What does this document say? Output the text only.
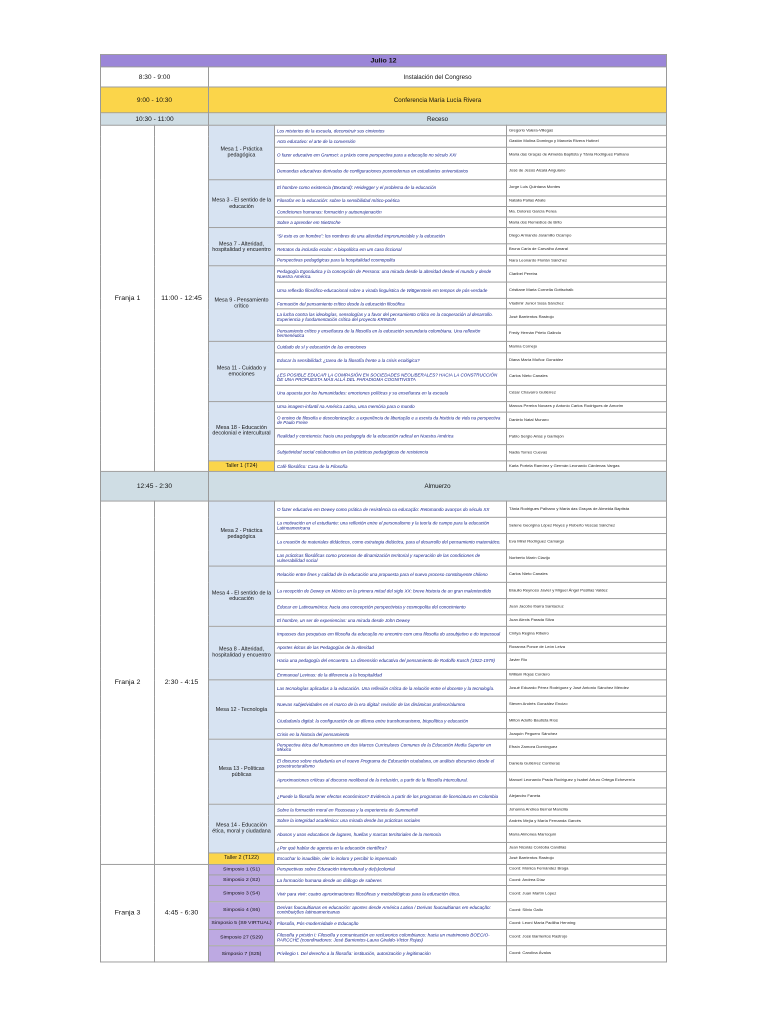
Julio 12				
8:30 - 9:00		Instalación del Congreso		
9:00 - 10:30		Conferencia María Lucía Rivera		
10:30 - 11:00		Receso		
Franja 1	11:00 - 12:45	Mesa 1 - Práctica pedagógica	Los misterios de la escuela, deconstruir sus cimientos	Gregorio Valera-Villegas
			Acto educativo: el arte de la conversión	Gastón Molina Domingo y Marcela Rivera Hutinel
			O fazer educativo em Gramsci: a práxis como perspectiva para a educação no século XXI	Maria das Graças de Almeida Baptista y Tânia Rodrigues Palhano
			Demandas educativas derivadas de configuraciones posmodernas en estudiantes universitarios	José de Jesús Alcalá Anguiano
		Mesa 3 - El sentido de la educación	El hombre como existencia (Bextand): Heidegger y el problema de la educación	Jorge Luis Quintana Montes
			Filosofar en la educación: sobre la sensibilidad mítico-poética	Natalia Pallas Abate
			Condiciones humanas: formación y autoenajenación	Ma. Dolores García Perea
			Sobre a aprender em Nietzsche	Maria dos Remédios de Brito
		Mesa 7 - Alteridad, hospitalidad y encuentro	“Si esto es un hombre”: los nombres de una alteridad impronunciable y la educación	Diego Armando Jaramillo Ocampo
			Retratos da inclusão ecolar: A biopolítica em um caso ficcional	Bruna Carla de Carvalho Amaral
			Perspectivas pedagógicas para la hospitalidad cosmopolita	Nara Leonardo Florián Sánchez
		Mesa 9 - Pensamiento crítico	Pedagogía Egonáutica y la concepción de Persona: una mirada desde la alteridad desde el mundo y desde Nuestra América.	Claribel Pereira
			Uma reflexão filosófico-educacional sobre a virada linguística de Wittgenstein em tempos de pós-verdade	Cristiane Maria Cornelia Gottschalk
			Formación del pensamiento crítico desde la educación filosófica	Vladimir Junior Sosa Sánchez
			La lucha contra las ideologías, sensologías y a favor del pensamiento crítico en la cooperación al desarrollo. Experiencia y fundamentación crítica del proyecto KRINEIN	José Barrientos Rastrojo
			Pensamiento crítico y enseñanza de la filosofía en la educación secundaria colombiana. Una reflexión hermenéutica	Fredy Hernán Prieto Galindo
		Mesa 11 - Cuidado y emociones	Cuidado de sí y educación de las emociones	Marina Cornejo
			Educar la sensibilidad: ¿tarea de la filosofía frente a la crisis ecológica?	Diana María Muñoz González
			¿ES POSIBLE EDUCAR LA COMPASIÓN EN SOCIEDADES NEOLIBERALES? HACIA LA CONSTRUCCIÓN DE UNA PROPUESTA MÁS ALLÁ DEL PARADIGMA COGNITIVISTA	Carlos Nieto Canales
			Una apuesta por las humanidades: emociones políticas y su enseñanza en la escuela	César Chavarro Gutiérrez
		Mesa 18 - Educación decolonial e intercultural	Uma imagem-infantil na América Latina, uma memória para o mundo	Marcus Pereira Novaes y Antonio Carlos Rodrigues de Amorim
			O ensino de filosofia e descolonização: a experiência de libertação e a escrita da história de vida na perspectiva de Paulo Freire	Danielo Natal Munaro
			Realidad y conciencia: hacia una pedagogía de la educación radical en Nuestra América	Pablo Sergio Arias y Garlrejón
			Subjetividad social colaborativa en las prácticas pedagógicas de resistencia	Nadia Torres Cuevas
		Taller 1 (T24)	Café filosófico: Casa de la Filosofía	Karla Portela Ramírez y Germán Leonardo Cárdenas Vargas
12:45 - 2:30		Almuerzo		
Franja 2	2:30 - 4:15	Mesa 2 - Práctica pedagógica	O fazer educativo em Dewey como prática de resistência na educação: Retomando avanços do século XX	Tânia Rodrigues Palhano y Maria das Graças de Almeida Baptista
			La motivación en el estudiante: una reflexión entre el personalismo y la teoría de campo para la educación Latinoamericana	Selene Georgina López Reyes y Roberto Vescas Sánchez
			La creación de materiales didácticos, como estrategia didáctica, para el desarrollo del pensamiento matemático.	Eva Mirel Rodríguez Camargo
			Las prácticas filosóficas como procesos de dinamización territorial y superación de las condiciones de vulnerabilidad social	Norberto Marín Clavijo
		Mesa 4 - El sentido de la educación	Relación entre fines y calidad de la educación una propuesta para el nuevo proceso constituyente chileno	Carlos Nieto Canales
			La recepción de Dewey en México en la primera mitad del siglo XX: breve historia de un gran malentendido	Braulio Reynoso Javier y Miguel Ángel Posillas Valdez
			Educar en Latinoamérica: hacia una concepción perspectivista y cosmopolita del conocimiento	Juan Jacobo Ibarra Santacruz
			El hombre, un ser de experiencias: una mirada desde John Dewey	Juan Alexis Parada Silva
		Mesa 8 - Alteridad, hospitalidad y encuentro	Impasses das pesquisas em filosofia da educação no encontro com uma filosofia do assubjetivo e do impessoal	Cintya Regina Ribeiro
			Aportes éticos de las Pedagogías de la Alteridad	Roxanna Ponce de León Leiva
			Hacia una pedagogía del encuentro. La dimensión educativa del pensamiento de Rodolfo Kusch (1922-1979)	Javier Rio
			Emmanuel Levinas: de la diferencia a la hospitalidad	William Rojas Cordero
		Mesa 12 - Tecnología	Las tecnologías aplicadas a la educación. Una reflexión crítica de la relación entre el docente y la tecnología.	Josué Eduardo Pérez Rodríguez y José Antonio Sánchez Méndez
			Nuevas subjetividades en el marco de la era digital: revisión de las dinámicas profesor/alumno	Steven Andrés González Encizo
			Ciudadanía digital: la configuración de un dilema entre transhumanismo, biopolítica y educación	Milton Adolfo Bautista Ríos
			Crisis en la historia del pensamiento	Joaquín Peguero Sánchez
		Mesa 13 - Políticas públicas	Perspectiva ética del humanismo en dos Marcos Curriculares Comunes de la Educación Media Superior en México	Efraín Zamora Domínguez
			El discurso sobre ciudadanía en el nuevo Programa de Educación ciudadana, un análisis discursivo desde el posestructuralismo	Daniela Gutiérrez Contreras
			Aproximaciones críticas al discurso neoliberal de la inclusión, a partir de la filosofía intercultural.	Manuel Leonardo Prada Rodríguez y Isabel Arturo Ortega Echeverría
			¿Puede la filosofía tener efectos económicos? Evidencia a partir de los programas de licenciatura en Colombia	Alejandro Faneta
		Mesa 14 - Educación ética, moral y ciudadana	Sobre la formación moral en Rousseau y la experiencia de Summerhill	Johanna Andrea Bernal Mancilla
			Sobre la integridad académica: una mirada desde las prácticas sociales	Andrés Mejía y María Fernanda Garcés
			Abusos y usos educativos de lugares, huellas y marcas territoriales de la memoria	María Almonea Marroquín
			¿Por qué hablar de agencia en la educación científica?	Juan Nicolás Cordoba Candilas
		Taller 2 (T122)	Escuchar lo inaudible, oler lo inoloro y percibir lo impensado	José Barrientos Rastrojo
Franja 3	4:45 - 6:30	Simposio 1 (S1)	Perspectivas sobre Educación intercultural y de(s)colonial	Coord: Mónica Fernández Braga
		Simposio 2 (S2)	La formación humana desde un diálogo de saberes	Coord: Andrea Díaz
		Simposio 3 (S4)	Vivir para vivir: cuatro aproximaciones filosóficas y metodológicas para la educación ética.	Coord: Juan Martín López
		Simposio 4 (S6)	Derivas foucaultianas en educación: aportes desde América Latina / Derivas foucaultianas em educação: contribuições latinoamericanas	Coord: Silvio Gallo
		Simposio 5 (S9 VIRTUAL)	Filosofia, Pós-modernidade e Educação	Coord: Leoní María Padilha Henning
		Simposio 27 (S29)	Filosofía y prisión I: Filosofía y comunicación en recluvorios colombianos: hacia un matrimonio BOECIO-PARCCHE (coordinadores: José Barrientos-Laura Giraldo-Víctor Rojas)	Coord: José Barrientos Rastrojo
		Simposio 7 (S25)	Privilegio I. Del derecho a la filosofía: institución, autorización y legitimación	Coord: Carolina Ávalos
